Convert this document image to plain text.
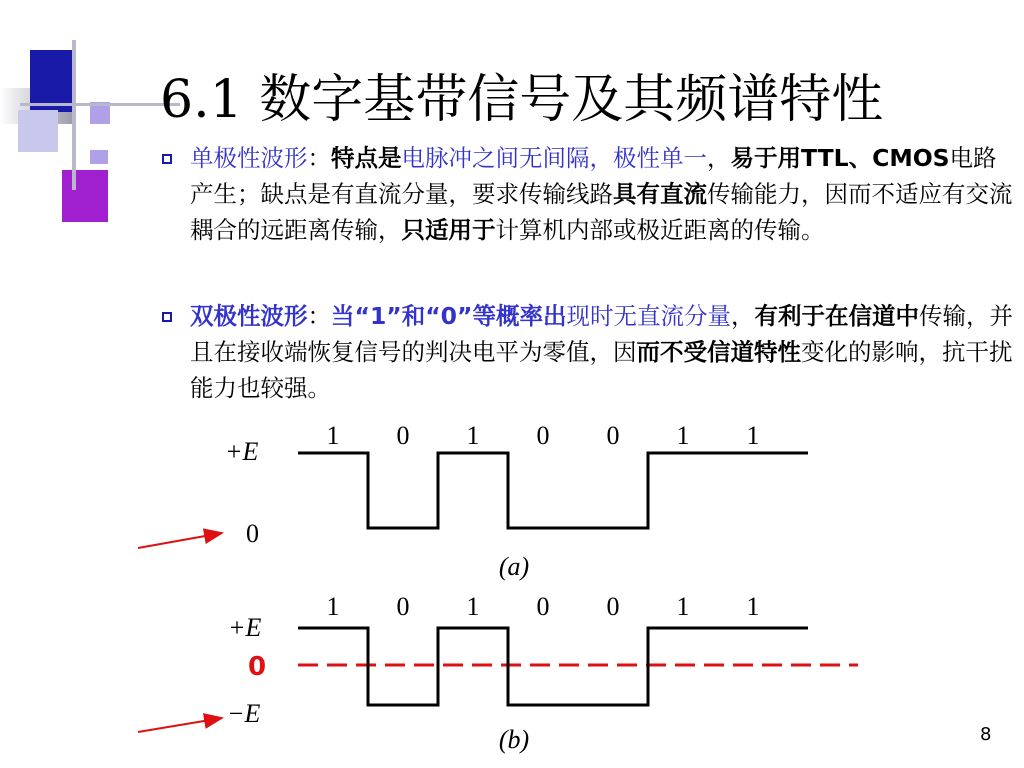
6.1 数字基带信号及其频谱特性
单极性波形：特点是电脉冲之间无间隔，极性单一，易于用TTL、CMOS电路产生；缺点是有直流分量，要求传输线路具有直流传输能力，因而不适应有交流耦合的远距离传输，只适用于计算机内部或极近距离的传输。
双极性波形：当“1”和“0”等概率出现时无直流分量，有利于在信道中传输，并且在接收端恢复信号的判决电平为零值，因而不受信道特性变化的影响，抗干扰能力也较强。
+E
0
1 0 1 0 0 1 1
(a)
+E
0
−E
1 0 1 0 0 1 1
(b)	8
